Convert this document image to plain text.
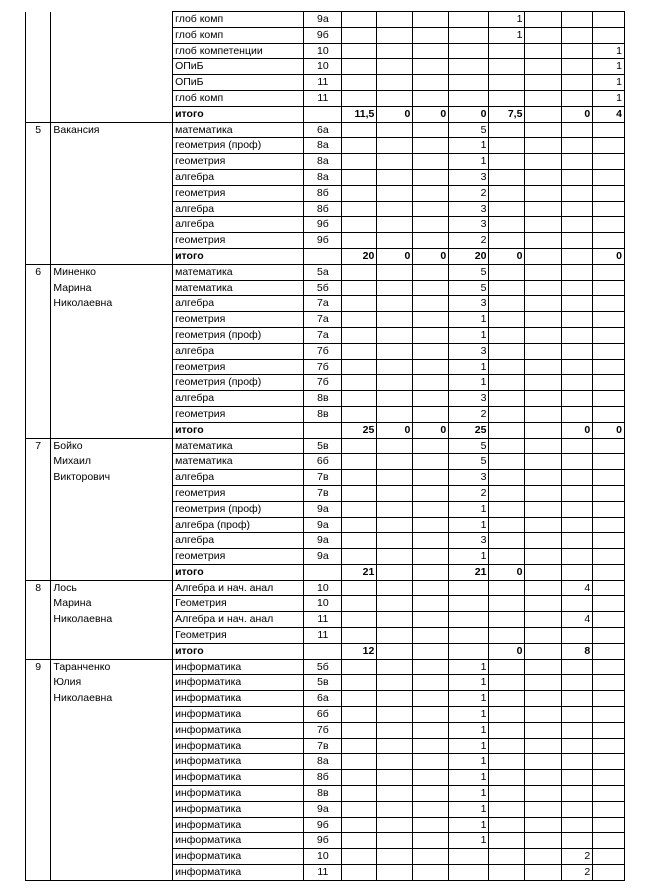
		глоб комп	9а					1			
		глоб комп	9б					1			
		глоб компетенции	10								1
		ОПиБ	10								1
		ОПиБ	11								1
		глоб комп	11								1
		итого		11,5	0	0	0	7,5		0	4
5	Вакансия	математика	6а				5				
		геометрия (проф)	8а				1				
		геометрия	8а				1				
		алгебра	8а				3				
		геометрия	8б				2				
		алгебра	8б				3				
		алгебра	9б				3				
		геометрия	9б				2				
		итого		20	0	0	20	0			0
6	Миненко	математика	5а				5				
	Марина	математика	5б				5				
	Николаевна	алгебра	7а				3				
		геометрия	7а				1				
		геометрия (проф)	7а				1				
		алгебра	7б				3				
		геометрия	7б				1				
		геометрия (проф)	7б				1				
		алгебра	8в				3				
		геометрия	8в				2				
		итого		25	0	0	25			0	0
7	Бойко	математика	5в				5				
	Михаил	математика	6б				5				
	Викторович	алгебра	7в				3				
		геометрия	7в				2				
		геометрия (проф)	9а				1				
		алгебра (проф)	9а				1				
		алгебра	9а				3				
		геометрия	9а				1				
		итого		21			21	0			
8	Лось	Алгебра и нач. анал	10							4	
	Марина	Геометрия	10								
	Николаевна	Алгебра и нач. анал	11							4	
		Геометрия	11								
		итого		12				0		8	
9	Таранченко	информатика	5б				1				
	Юлия	информатика	5в				1				
	Николаевна	информатика	6а				1				
		информатика	6б				1				
		информатика	7б				1				
		информатика	7в				1				
		информатика	8а				1				
		информатика	8б				1				
		информатика	8в				1				
		информатика	9а				1				
		информатика	9б				1				
		информатика	9б				1				
		информатика	10							2	
		информатика	11							2	
